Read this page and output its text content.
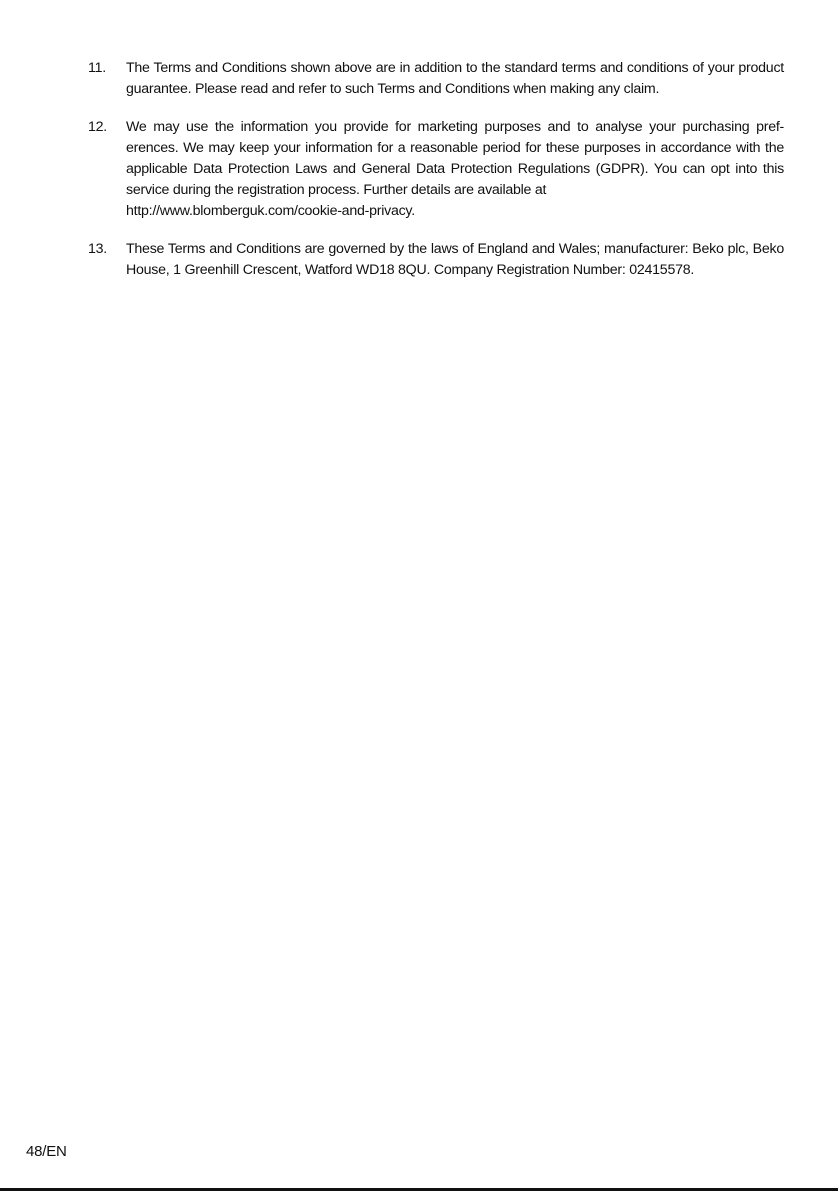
11.	The Terms and Conditions shown above are in addition to the standard terms and conditions of your product guarantee. Please read and refer to such Terms and Conditions when making any claim.
12.	We may use the information you provide for marketing purposes and to analyse your purchasing pref-erences. We may keep your information for a reasonable period for these purposes in accordance with the applicable Data Protection Laws and General Data Protection Regulations (GDPR). You can opt into this service during the registration process. Further details are available at
http://www.blomberguk.com/cookie-and-privacy.
13.	These Terms and Conditions are governed by the laws of England and Wales; manufacturer: Beko plc, Beko House, 1 Greenhill Crescent, Watford WD18 8QU. Company Registration Number: 02415578.
48/EN
